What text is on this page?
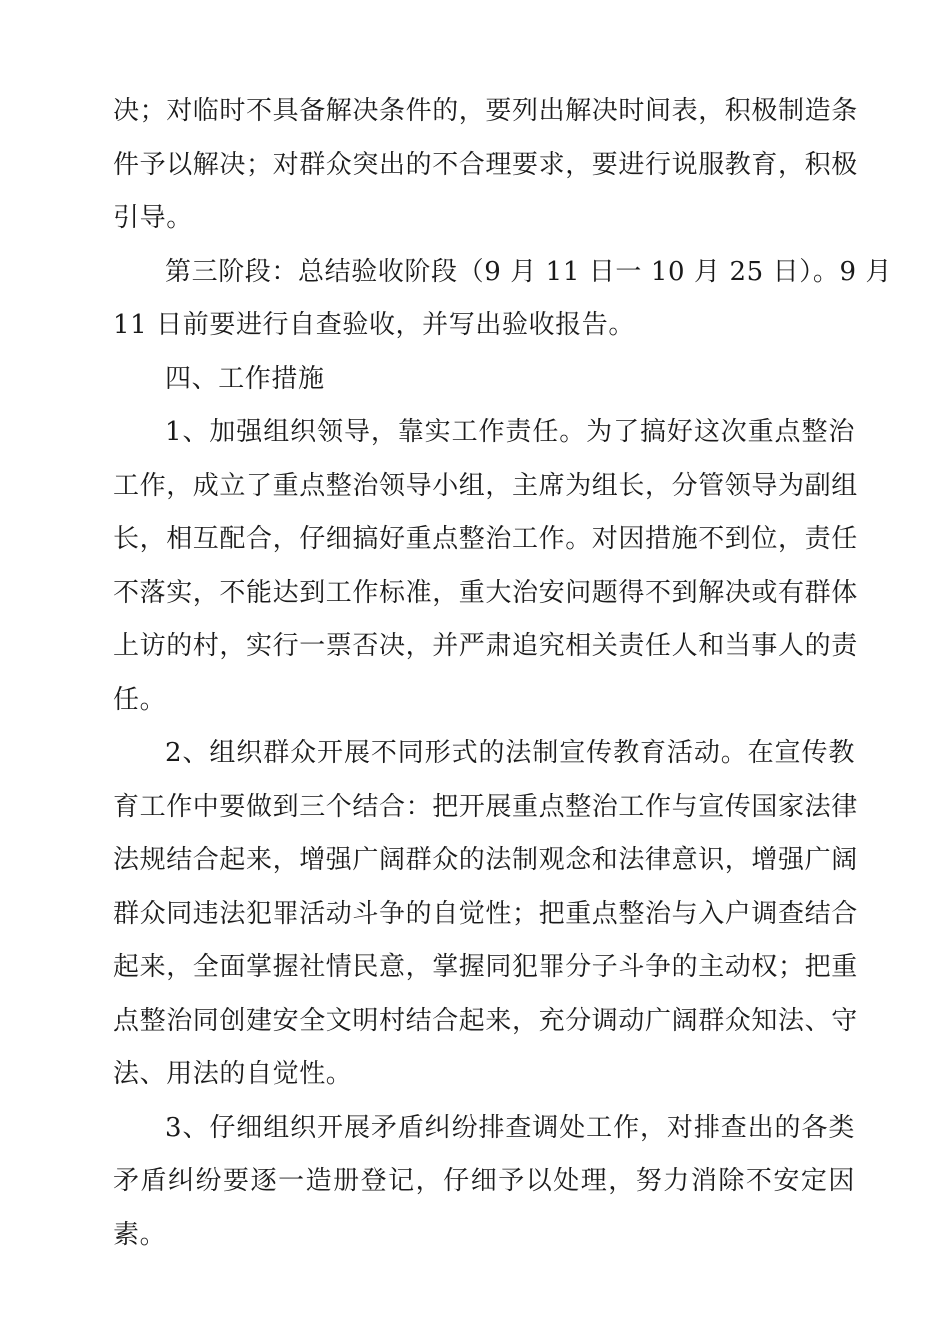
决；对临时不具备解决条件的，要列出解决时间表，积极制造条
件予以解决；对群众突出的不合理要求，要进行说服教育，积极
引导。
第三阶段：总结验收阶段（9 月 11 日一 10 月 25 日）。9 月
11 日前要进行自查验收，并写出验收报告。
四、工作措施
1、加强组织领导，靠实工作责任。为了搞好这次重点整治
工作，成立了重点整治领导小组，主席为组长，分管领导为副组
长，相互配合，仔细搞好重点整治工作。对因措施不到位，责任
不落实，不能达到工作标准，重大治安问题得不到解决或有群体
上访的村，实行一票否决，并严肃追究相关责任人和当事人的责
任。
2、组织群众开展不同形式的法制宣传教育活动。在宣传教
育工作中要做到三个结合：把开展重点整治工作与宣传国家法律
法规结合起来，增强广阔群众的法制观念和法律意识，增强广阔
群众同违法犯罪活动斗争的自觉性；把重点整治与入户调查结合
起来，全面掌握社情民意，掌握同犯罪分子斗争的主动权；把重
点整治同创建安全文明村结合起来，充分调动广阔群众知法、守
法、用法的自觉性。
3、仔细组织开展矛盾纠纷排查调处工作，对排查出的各类
矛盾纠纷要逐一造册登记，仔细予以处理，努力消除不安定因
素。
